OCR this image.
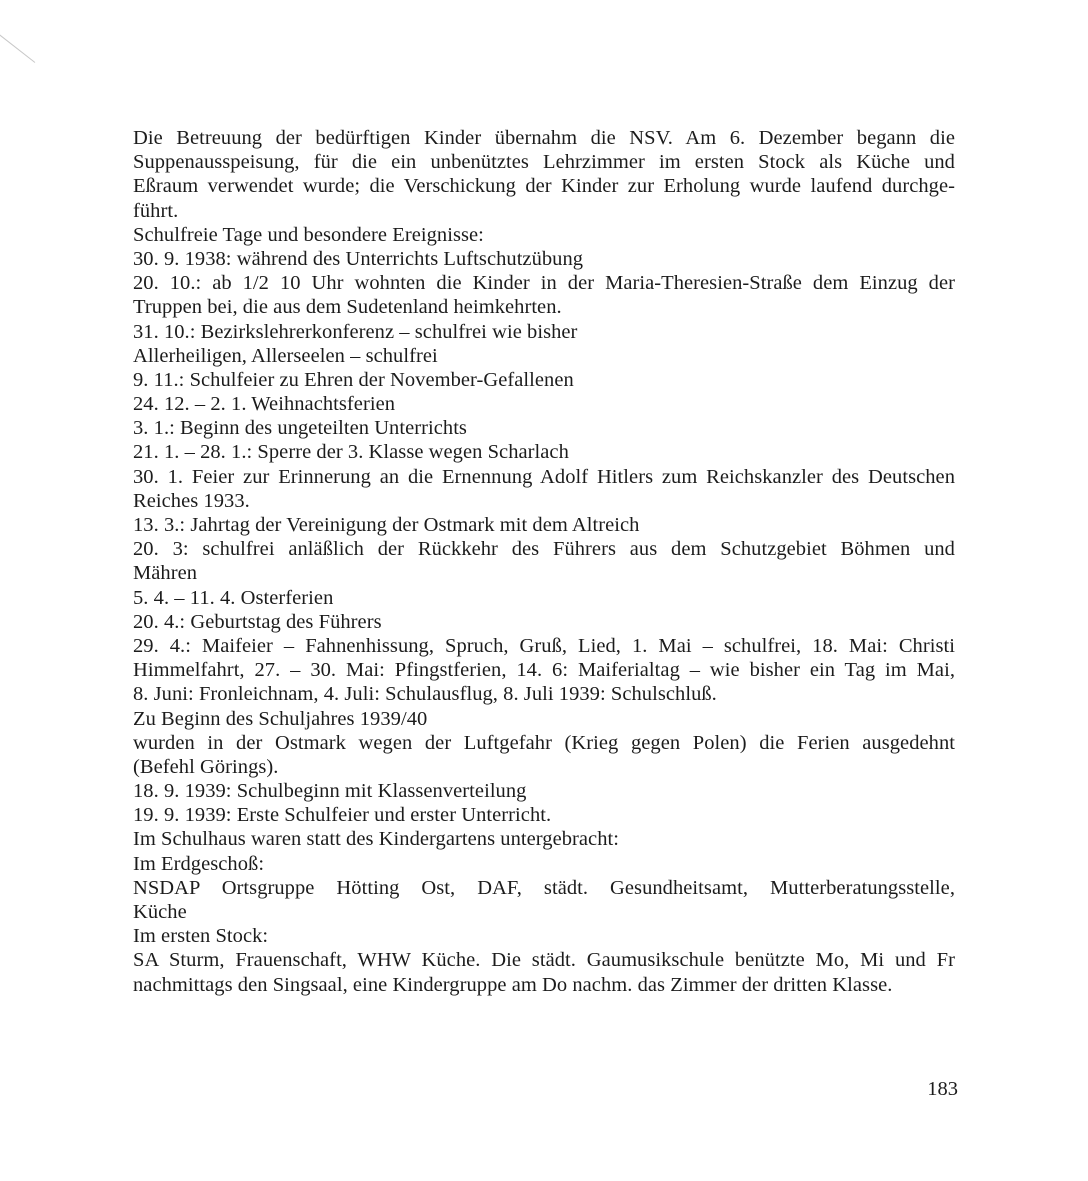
Die Betreuung der bedürftigen Kinder übernahm die NSV. Am 6. Dezember begann die
Suppenausspeisung, für die ein unbenütztes Lehrzimmer im ersten Stock als Küche und
Eßraum verwendet wurde; die Verschickung der Kinder zur Erholung wurde laufend durchge-
führt.
Schulfreie Tage und besondere Ereignisse:
30. 9. 1938: während des Unterrichts Luftschutzübung
20. 10.: ab 1/2 10 Uhr wohnten die Kinder in der Maria-Theresien-Straße dem Einzug der
Truppen bei, die aus dem Sudetenland heimkehrten.
31. 10.: Bezirkslehrerkonferenz – schulfrei wie bisher
Allerheiligen, Allerseelen – schulfrei
9. 11.: Schulfeier zu Ehren der November-Gefallenen
24. 12. – 2. 1. Weihnachtsferien
3. 1.: Beginn des ungeteilten Unterrichts
21. 1. – 28. 1.: Sperre der 3. Klasse wegen Scharlach
30. 1. Feier zur Erinnerung an die Ernennung Adolf Hitlers zum Reichskanzler des Deutschen
Reiches 1933.
13. 3.: Jahrtag der Vereinigung der Ostmark mit dem Altreich
20. 3: schulfrei anläßlich der Rückkehr des Führers aus dem Schutzgebiet Böhmen und
Mähren
5. 4. – 11. 4. Osterferien
20. 4.: Geburtstag des Führers
29. 4.: Maifeier – Fahnenhissung, Spruch, Gruß, Lied, 1. Mai – schulfrei, 18. Mai: Christi
Himmelfahrt, 27. – 30. Mai: Pfingstferien, 14. 6: Maiferialtag – wie bisher ein Tag im Mai,
8. Juni: Fronleichnam, 4. Juli: Schulausflug, 8. Juli 1939: Schulschluß.
Zu Beginn des Schuljahres 1939/40
wurden in der Ostmark wegen der Luftgefahr (Krieg gegen Polen) die Ferien ausgedehnt
(Befehl Görings).
18. 9. 1939: Schulbeginn mit Klassenverteilung
19. 9. 1939: Erste Schulfeier und erster Unterricht.
Im Schulhaus waren statt des Kindergartens untergebracht:
Im Erdgeschoß:
NSDAP Ortsgruppe Hötting Ost, DAF, städt. Gesundheitsamt, Mutterberatungsstelle,
Küche
Im ersten Stock:
SA Sturm, Frauenschaft, WHW Küche. Die städt. Gaumusikschule benützte Mo, Mi und Fr
nachmittags den Singsaal, eine Kindergruppe am Do nachm. das Zimmer der dritten Klasse.
183
